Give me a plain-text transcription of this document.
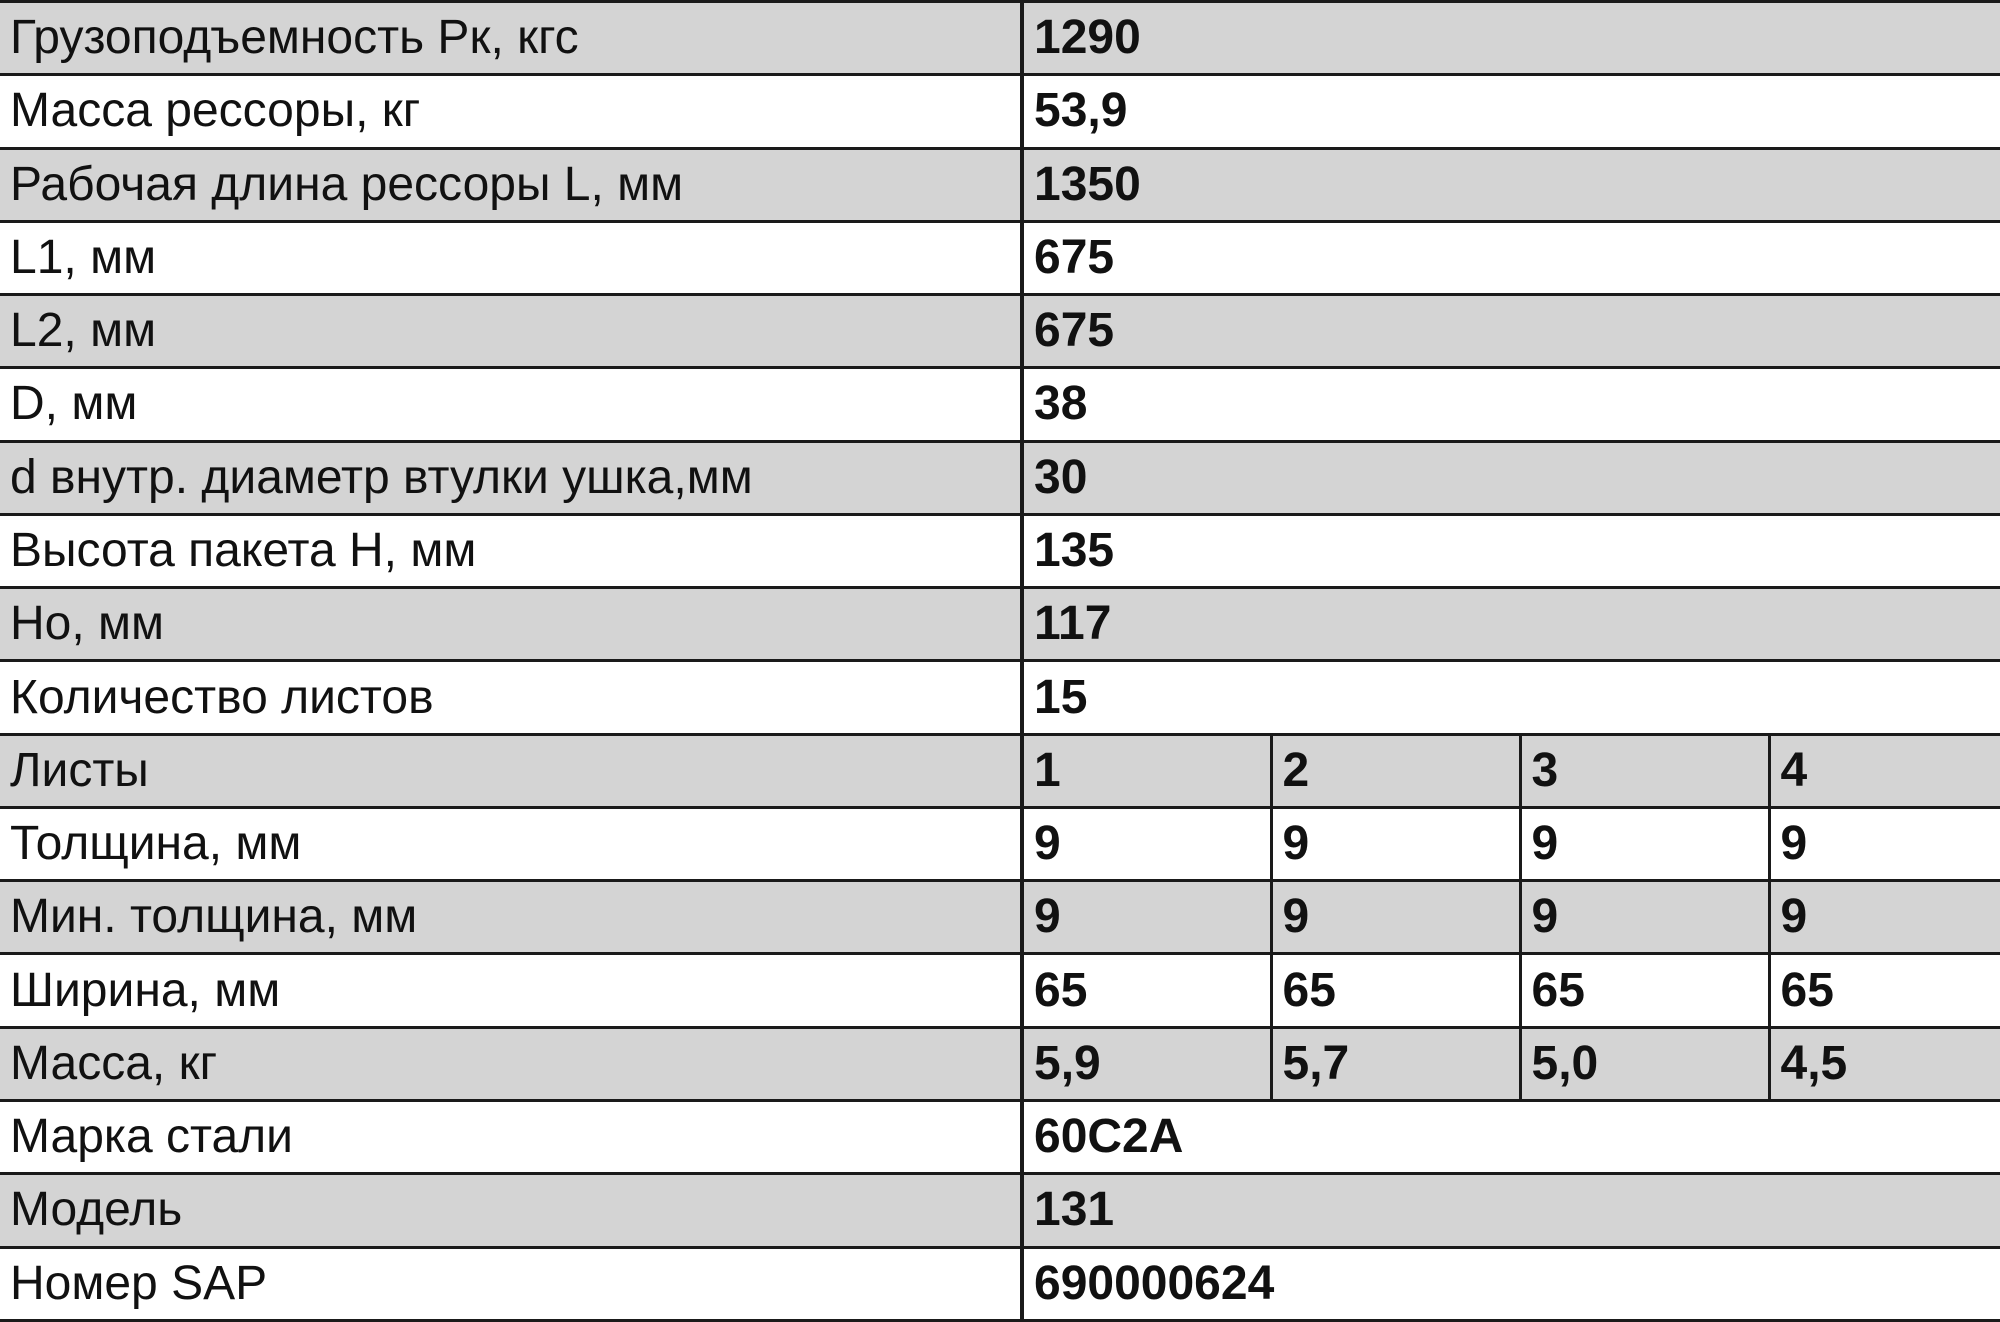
Грузоподъемность Рк, кгс	1290			
Масса рессоры, кг	53,9			
Рабочая длина рессоры L, мм	1350			
L1, мм	675			
L2, мм	675			
D, мм	38			
d внутр. диаметр втулки ушка,мм	30			
Высота пакета H, мм	135			
Ho, мм	117			
Количество листов	15			
Листы	1	2	3	4
Толщина, мм	9	9	9	9
Мин. толщина, мм	9	9	9	9
Ширина, мм	65	65	65	65
Масса, кг	5,9	5,7	5,0	4,5
Марка стали	60С2А			
Модель	131			
Номер SAP	690000624			
